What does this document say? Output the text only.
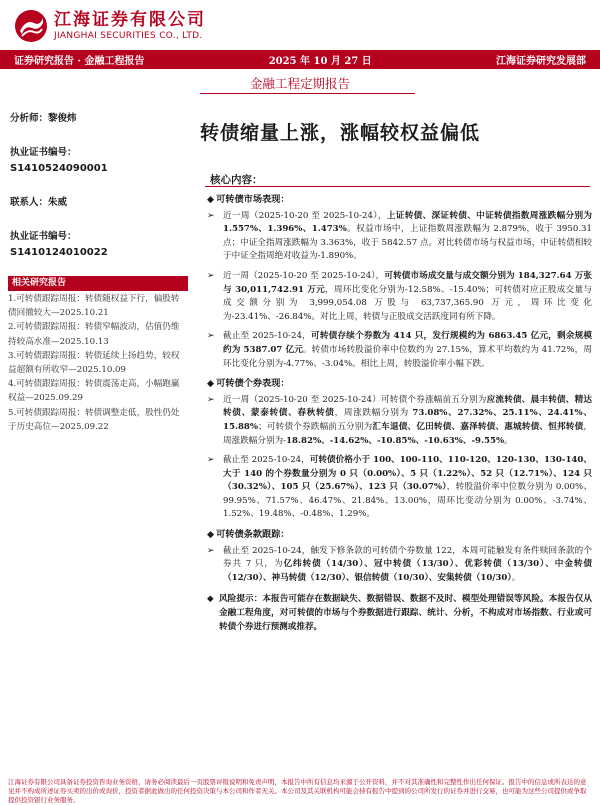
江海证券有限公司
JIANGHAI SECURITIES CO., LTD.
证券研究报告 · 金融工程报告	2025 年 10 月 27 日	江海证券研究发展部
金融工程定期报告
分析师：黎俊炜
执业证书编号：
S1410524090001
联系人：朱威
执业证书编号：
S1410124010022
相关研究报告

1.可转债跟踪周报：转债随权益下行，偏股转债回撤较大—2025.10.21

2.可转债跟踪周报：转债窄幅波动，估值仍维持较高水准—2025.10.13

3.可转债跟踪周报：转债延续上扬趋势，较权益超额有所收窄—2025.10.09

4.可转债跟踪周报：转债震荡走高，小幅跑赢权益—2025.09.29

5.可转债跟踪周报：转债调整走低，股性仍处于历史高位—2025.09.22

转债缩量上涨，涨幅较权益偏低
核心内容：
◆ 可转债市场表现：
➢ 近一周（2025-10-20 至 2025-10-24），上证转债、深证转债、中证转债指数周涨跌幅分别为 1.557%、1.396%、1.473%。权益市场中，上证指数周涨跌幅为 2.879%，收于 3950.31 点；中证全指周涨跌幅为 3.363%，收于 5842.57 点。对比转债市场与权益市场，中证转债相较于中证全指周绝对收益为-1.890%。
➢ 近一周（2025-10-20 至 2025-10-24），可转债市场成交量与成交额分别为 184,327.64 万张与 30,011,742.91 万元，周环比变化分别为-12.58%、-15.40%；可转债对应正股成交量与成交额分别为 3,999,054.08 万股与 63,737,365.90 万元，周环比变化为-23.41%、-26.84%。对比上周，转债与正股成交活跃度同有所下降。
➢ 截止至 2025-10-24，可转债存续个券数为 414 只，发行规模约为 6863.45 亿元，剩余规模约为 5387.07 亿元。转债市场转股溢价率中位数约为 27.15%，算术平均数约为 41.72%，周环比变化分别为-4.77%、-3.04%。相比上周，转股溢价率小幅下跌。
◆ 可转债个券表现：
➢ 近一周（2025-10-20 至 2025-10-24）可转债个券涨幅前五分别为应流转债、晨丰转债、精达转债、蒙泰转债、春秋转债，周涨跌幅分别为 73.08%、27.32%、25.11%、24.41%、15.88%；可转债个券跌幅前五分别为汇车退债、亿田转债、嘉泽转债、惠城转债、恒邦转债，周涨跌幅分别为-18.82%、-14.62%、-10.85%、-10.63%、-9.55%。
➢ 截止至 2025-10-24，可转债价格小于 100、100-110、110-120、120-130、130-140、大于 140 的个券数量分别为 0 只（0.00%）、5 只（1.22%）、52 只（12.71%）、124 只（30.32%）、105 只（25.67%）、123 只（30.07%），转股溢价率中位数分别为 0.00%、99.95%、71.57%、46.47%、21.84%、13.00%，周环比变动分别为 0.00%、-3.74%、1.52%、19.48%、-0.48%、1.29%。
◆ 可转债条款跟踪：
➢ 截止至 2025-10-24，触发下修条款的可转债个券数量 122，本周可能触发有条件赎回条款的个券共 7 只，为亿纬转债（14/30）、冠中转债（13/30）、优彩转债（13/30）、中金转债（12/30）、神马转债（12/30）、银信转债（10/30）、安集转债（10/30）。
◆ 风险提示：本报告可能存在数据缺失、数据错误、数据不及时、模型处理错误等风险。本报告仅从金融工程角度，对可转债的市场与个券数据进行跟踪、统计、分析，不构成对市场指数、行业或可转债个券进行预测或推荐。
江海证券有限公司具备证券投资咨询业务资格，请务必阅读最后一页股票评级说明和免责声明，本报告中所有信息均来源于公开资料，并不对其准确性和完整性作出任何保证。报告中的信息或所表达的意见并不构成所述证券买卖的出价或询价，投资者据此做出的任何投资决策与本公司和作者无关。本公司及其关联机构可能会持有报告中提到的公司所发行的证券并进行交易，也可能为这些公司提供或争取提供投资银行业务服务。
